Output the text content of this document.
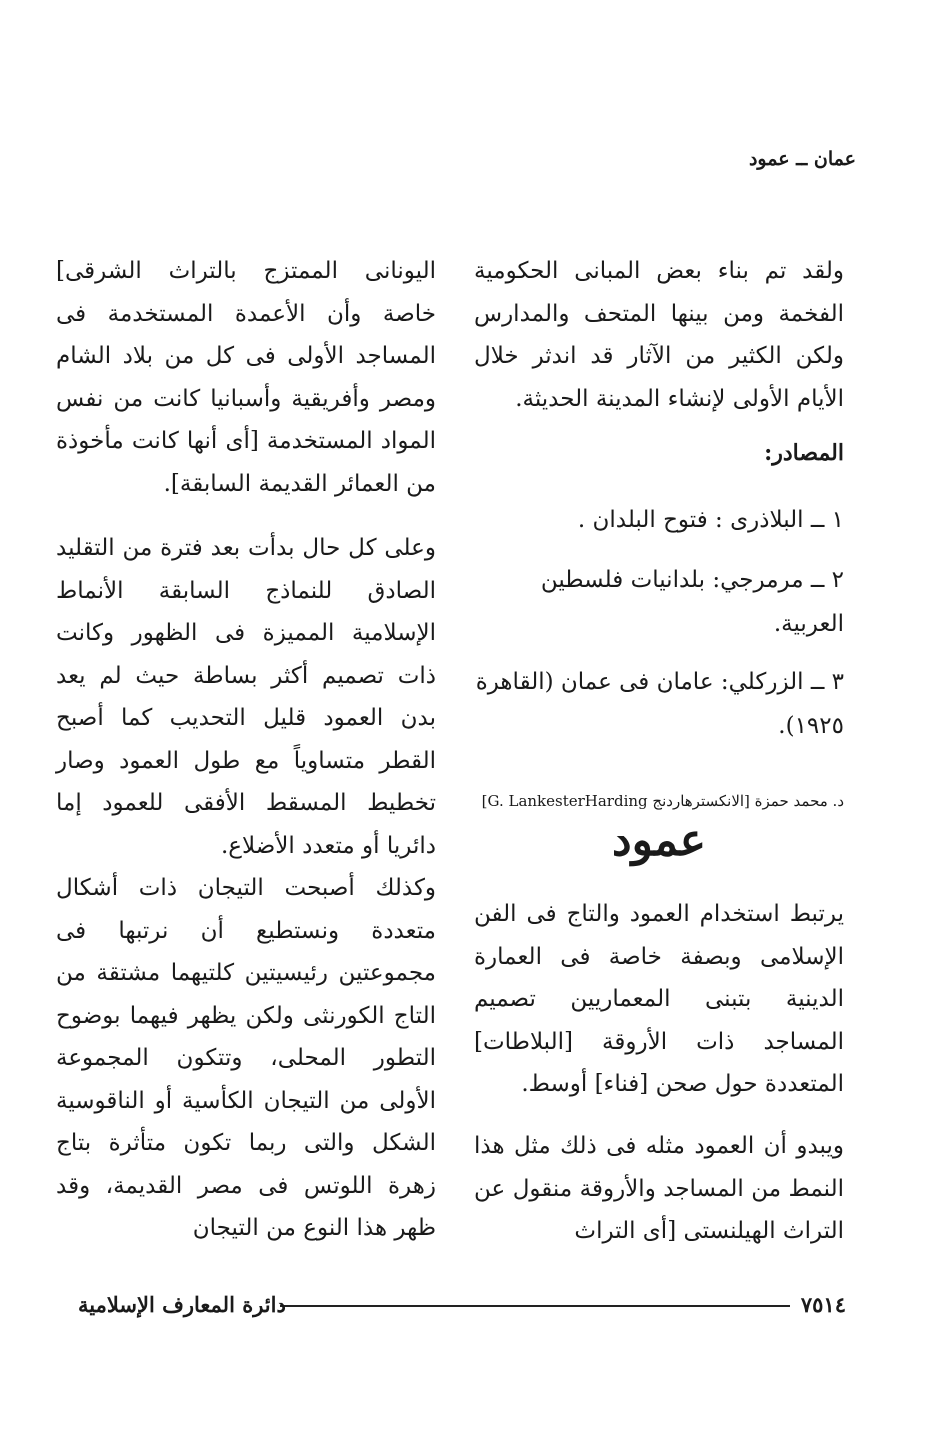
عمان ــ عمود

ولقد تم بناء بعض المبانى الحكومية الفخمة ومن بينها المتحف والمدارس ولكن الكثير من الآثار قد اندثر خلال الأيام الأولى لإنشاء المدينة الحديثة.

المصادر:

١ ــ البلاذرى : فتوح البلدان .

٢ ــ مرمرجي: بلدانيات فلسطين العربية.

٣ ــ الزركلي: عامان فى عمان (القاهرة ١٩٢٥).

د. محمد حمزة [الانكسترهاردنج G. LankesterHarding]
عمود

يرتبط استخدام العمود والتاج فى الفن الإسلامى وبصفة خاصة فى العمارة الدينية بتبنى المعماريين تصميم المساجد ذات الأروقة [البلاطات] المتعددة حول صحن [فناء] أوسط.

ويبدو أن العمود مثله فى ذلك مثل هذا النمط من المساجد والأروقة منقول عن التراث الهيلنستى [أى التراث

اليونانى الممتزج بالتراث الشرقى] خاصة وأن الأعمدة المستخدمة فى المساجد الأولى فى كل من بلاد الشام ومصر وأفريقية وأسبانيا كانت من نفس المواد المستخدمة [أى أنها كانت مأخوذة من العمائر القديمة السابقة].

وعلى كل حال بدأت بعد فترة من التقليد الصادق للنماذج السابقة الأنماط الإسلامية المميزة فى الظهور وكانت ذات تصميم أكثر بساطة حيث لم يعد بدن العمود قليل التحديب كما أصبح القطر متساوياً مع طول العمود وصار تخطيط المسقط الأفقى للعمود إما دائريا أو متعدد الأضلاع.

وكذلك أصبحت التيجان ذات أشكال متعددة ونستطيع أن نرتبها فى مجموعتين رئيسيتين كلتيهما مشتقة من التاج الكورنثى ولكن يظهر فيهما بوضوح التطور المحلى، وتتكون المجموعة الأولى من التيجان الكأسية أو الناقوسية الشكل والتى ربما تكون متأثرة بتاج زهرة اللوتس فى مصر القديمة، وقد ظهر هذا النوع من التيجان

٧٥١٤
دائرة المعارف الإسلامية
